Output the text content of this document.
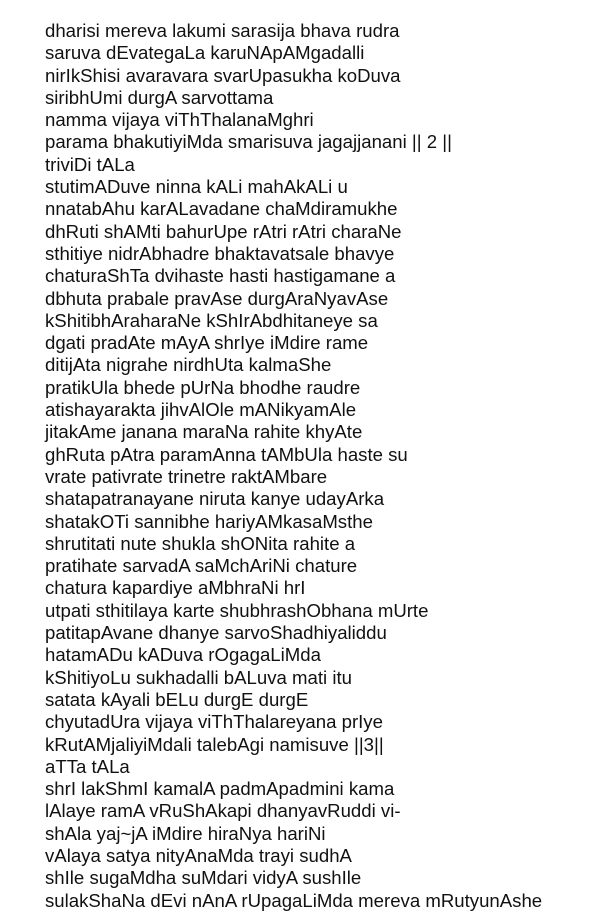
dharisi mereva lakumi sarasija bhava rudra
saruva dEvategaLa karuNApAMgadalli
nirIkShisi avaravara svarUpasukha koDuva
siribhUmi durgA sarvottama
namma vijaya viThThalanaMghri
parama bhakutiyiMda smarisuva jagajjanani || 2 ||
triviDi tALa
stutimADuve ninna kALi mahAkALi u
nnatabAhu karALavadane chaMdiramukhe
dhRuti shAMti bahurUpe rAtri rAtri charaNe
sthitiye nidrAbhadre bhaktavatsale bhavye
chaturaShTa dvihaste hasti hastigamane a
dbhuta prabale pravAse durgAraNyavAse
kShitibhAraharaNe kShIrAbdhitaneye sa
dgati pradAte mAyA shrIye iMdire rame
ditijAta nigrahe nirdhUta kalmaShe
pratikUla bhede pUrNa bhodhe raudre
atishayarakta jihvAlOle mANikyamAle
jitakAme janana maraNa rahite khyAte
ghRuta pAtra paramAnna tAMbUla haste su
vrate pativrate trinetre raktAMbare
shatapatranayane niruta kanye udayArka
shatakOTi sannibhe hariyAMkasaMsthe
shrutitati nute shukla shONita rahite a
pratihate sarvadA saMchAriNi chature
chatura kapardiye aMbhraNi hrI
utpati sthitilaya karte shubhrashObhana mUrte
patitapAvane dhanye sarvoShadhiyaliddu
hatamADu kADuva rOgagaLiMda
kShitiyoLu sukhadalli bALuva mati itu
satata kAyali bELu durgE durgE
chyutadUra vijaya viThThalareyana prIye
kRutAMjaliyiMdali talebAgi namisuve ||3||
aTTa tALa
shrI lakShmI kamalA padmApadmini kama
lAlaye ramA vRuShAkapi dhanyavRuddi vi-
shAla yaj~jA iMdire hiraNya hariNi
vAlaya satya nityAnaMda trayi sudhA
shIle sugaMdha suMdari vidyA sushIle
sulakShaNa dEvi nAnA rUpagaLiMda mereva mRutyunAshe
